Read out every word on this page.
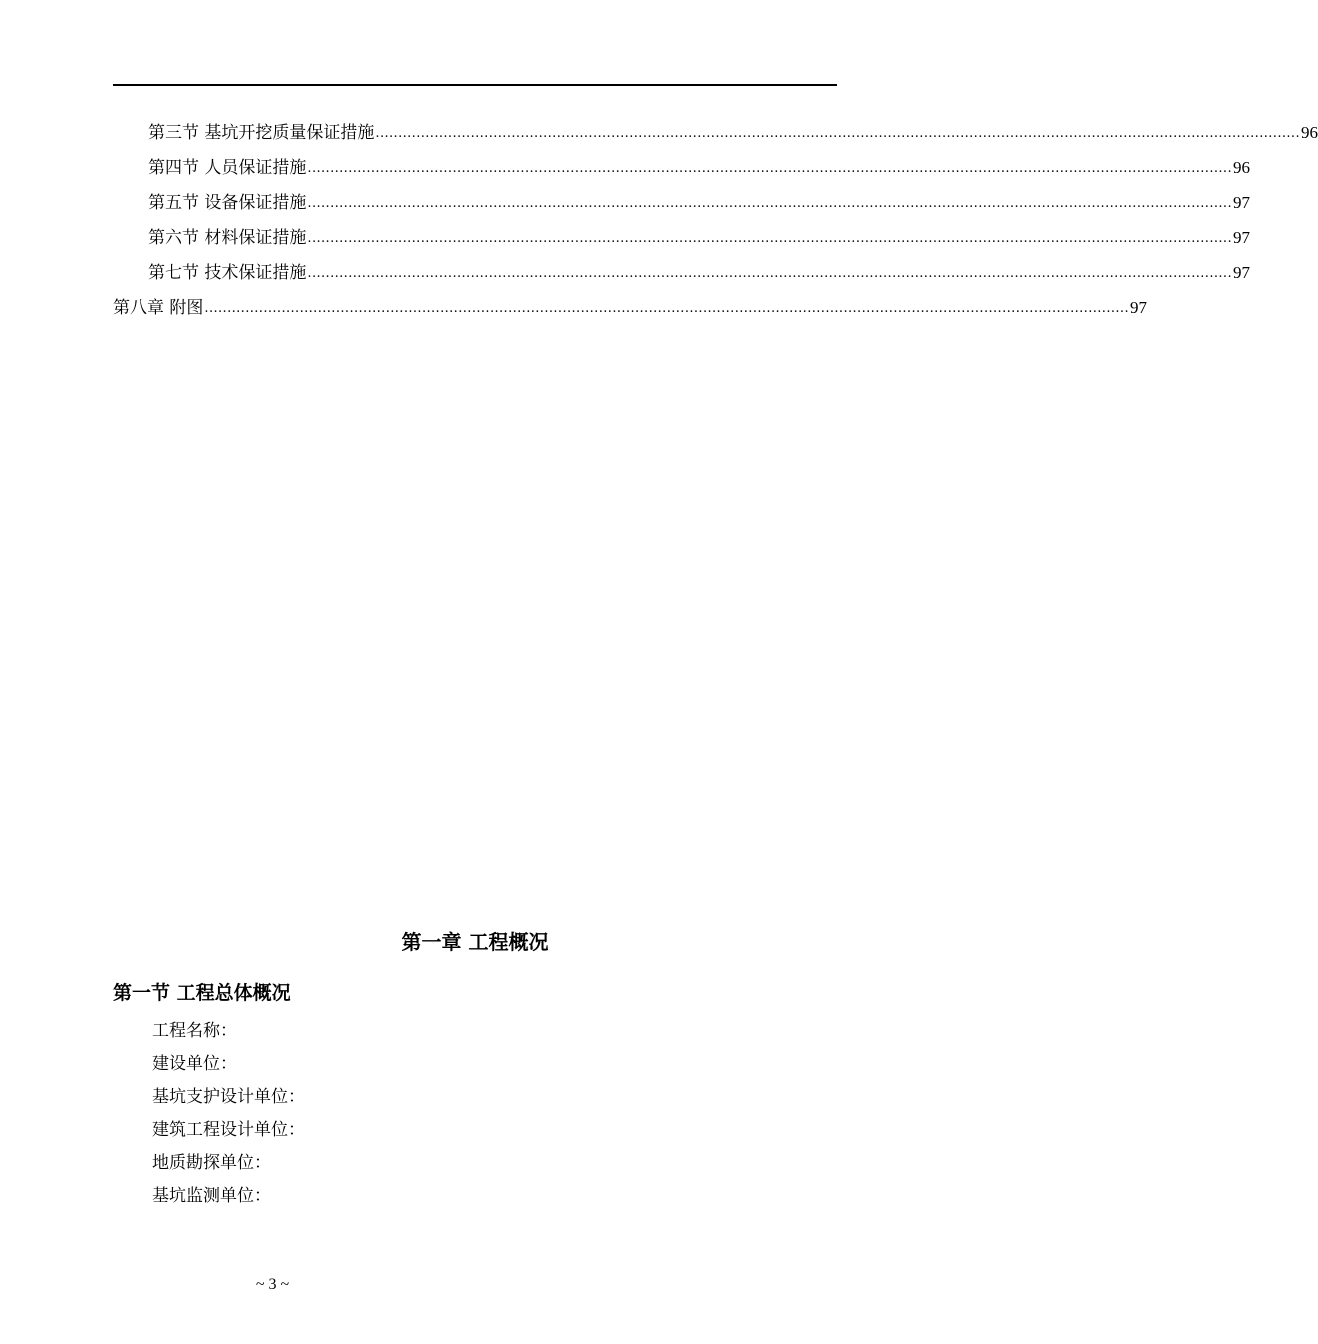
第三节 基坑开挖质量保证措施 ............................................................................................................................................................................................................ 96
第四节 人员保证措施 ............................................................................................................................................................................................................ 96
第五节 设备保证措施 ............................................................................................................................................................................................................ 97
第六节 材料保证措施 ............................................................................................................................................................................................................ 97
第七节 技术保证措施 ............................................................................................................................................................................................................ 97
第八章 附图 ............................................................................................................................................................................................................ 97
第一章 工程概况
第一节 工程总体概况
工程名称：
建设单位：
基坑支护设计单位：
建筑工程设计单位：
地质勘探单位：
基坑监测单位：
~ 3 ~
